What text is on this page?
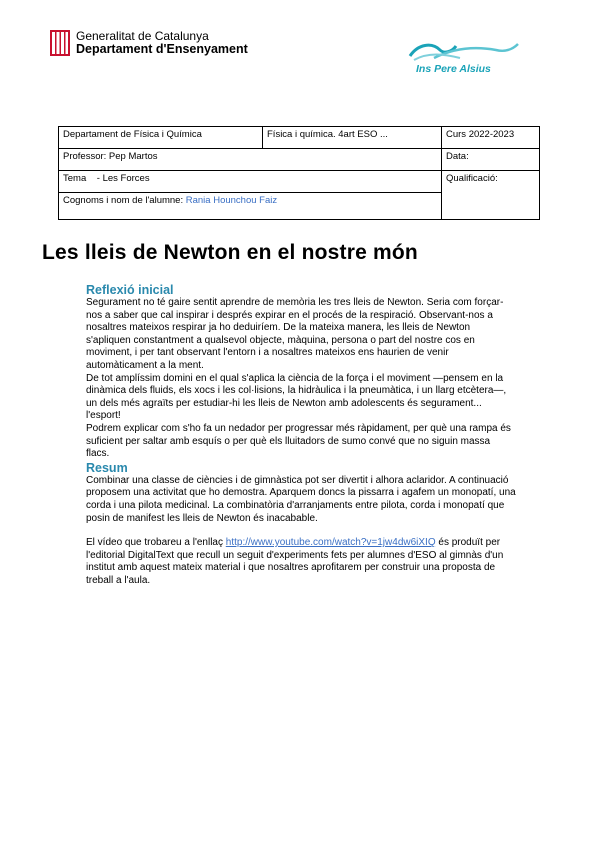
Generalitat de Catalunya
Departament d'Ensenyament
Ins Pere Alsius
Departament de Física i Química	Física i química. 4art ESO ...	Curs 2022-2023
Professor: Pep Martos		Data:
Tema - Les Forces		Qualificació:
Cognoms i nom de l'alumne: Rania Hounchou Faiz		
Les lleis de Newton en el nostre món
Reflexió inicial

Segurament no té gaire sentit aprendre de memòria les tres lleis de Newton. Seria com forçar-nos a saber que cal inspirar i després expirar en el procés de la respiració. Observant-nos a nosaltres mateixos respirar ja ho deduiríem. De la mateixa manera, les lleis de Newton s'apliquen constantment a qualsevol objecte, màquina, persona o part del nostre cos en moviment, i per tant observant l'entorn i a nosaltres mateixos ens haurien de venir automàticament a la ment.

De tot amplíssim domini en el qual s'aplica la ciència de la força i el moviment —pensem en la dinàmica dels fluids, els xocs i les col·lisions, la hidràulica i la pneumàtica, i un llarg etcètera—, un dels més agraïts per estudiar-hi les lleis de Newton amb adolescents és segurament... l'esport!

Podrem explicar com s'ho fa un nedador per progressar més ràpidament, per què una rampa és suficient per saltar amb esquís o per què els lluitadors de sumo convé que no siguin massa flacs.

Resum

Combinar una classe de ciències i de gimnàstica pot ser divertit i alhora aclaridor. A continuació proposem una activitat que ho demostra. Aparquem doncs la pissarra i agafem un monopatí, una corda i una pilota medicinal. La combinatòria d'arranjaments entre pilota, corda i monopatí que posin de manifest les lleis de Newton és inacabable.

El vídeo que trobareu a l'enllaç http://www.youtube.com/watch?v=1jw4dw6iXIQ és produït per l'editorial DigitalText que recull un seguit d'experiments fets per alumnes d'ESO al gimnàs d'un institut amb aquest mateix material i que nosaltres aprofitarem per construir una proposta de treball a l'aula.
